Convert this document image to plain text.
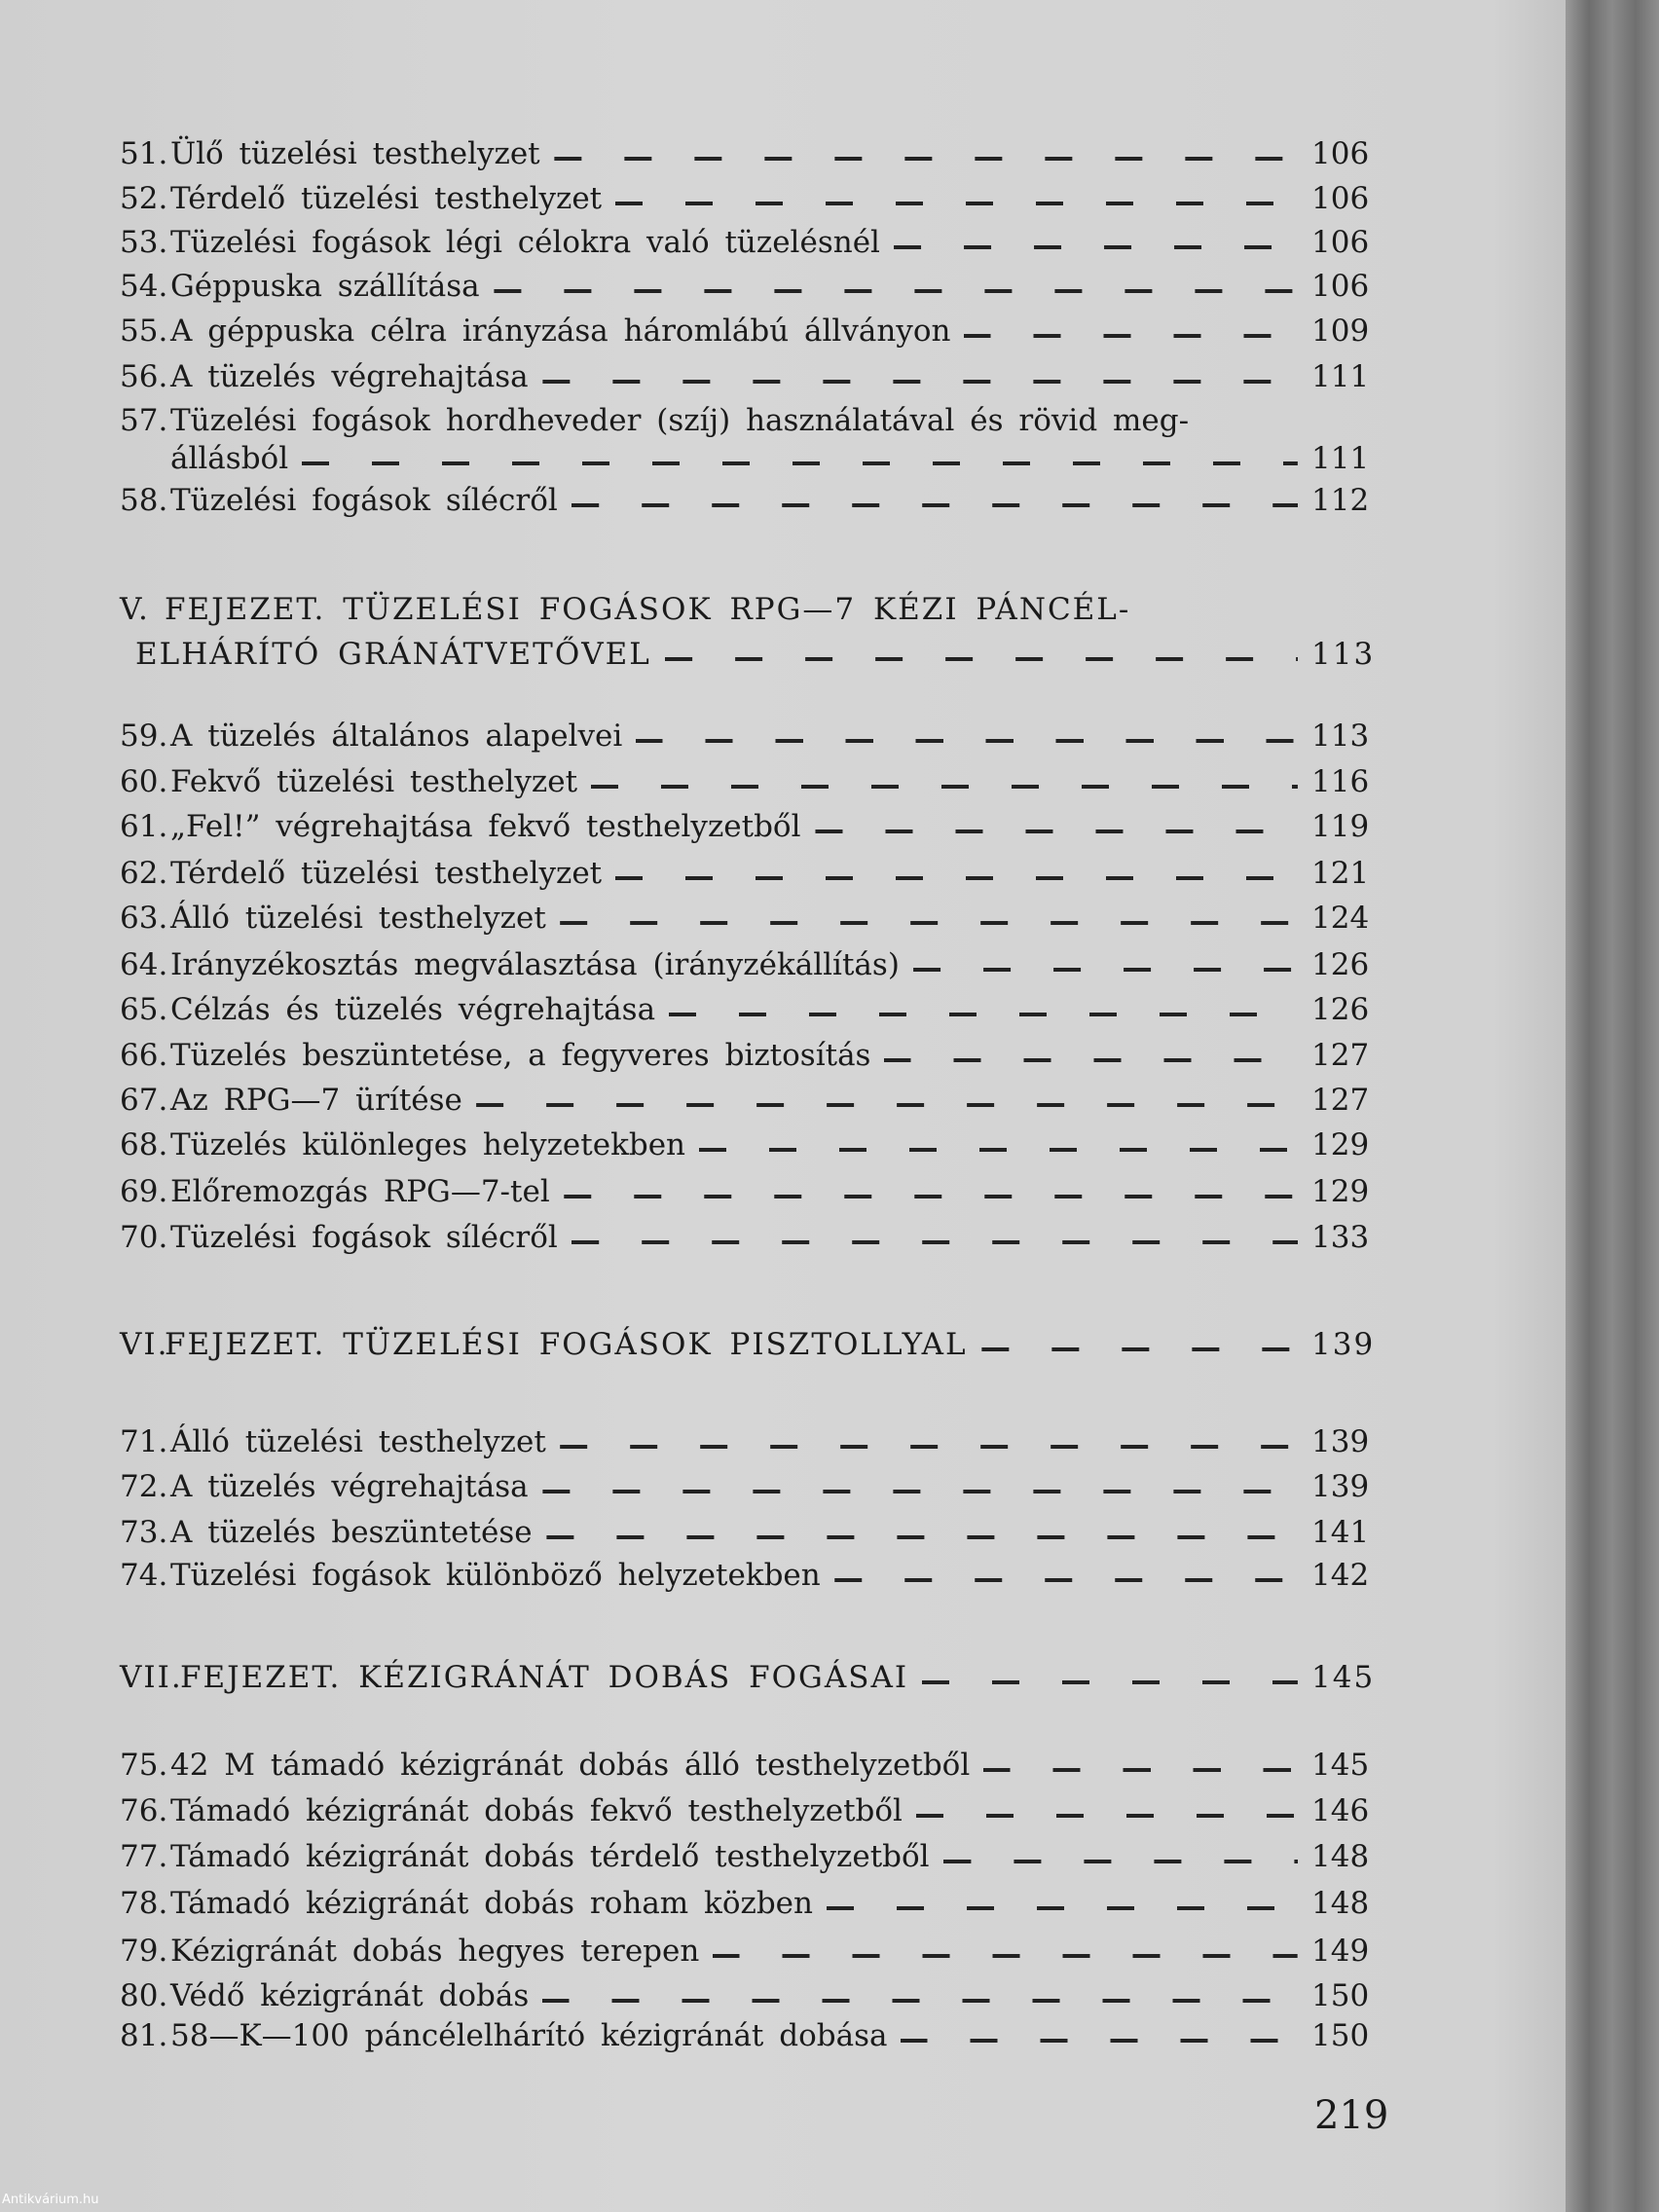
51. Ülő tüzelési testhelyzet	106
52. Térdelő tüzelési testhelyzet	106
53. Tüzelési fogások légi célokra való tüzelésnél	106
54. Géppuska szállítása	106
55. A géppuska célra irányzása háromlábú állványon	109
56. A tüzelés végrehajtása	111
57. Tüzelési fogások hordheveder (szíj) használatával és rövid meg-
állásból	111
58. Tüzelési fogások sílécről	112
V. FEJEZET. TÜZELÉSI FOGÁSOK RPG—7 KÉZI PÁNCÉL-
ELHÁRÍTÓ GRÁNÁTVETŐVEL	113
59. A tüzelés általános alapelvei	113
60. Fekvő tüzelési testhelyzet	116
61. „Fel!” végrehajtása fekvő testhelyzetből	119
62. Térdelő tüzelési testhelyzet	121
63. Álló tüzelési testhelyzet	124
64. Irányzékosztás megválasztása (irányzékállítás)	126
65. Célzás és tüzelés végrehajtása	126
66. Tüzelés beszüntetése, a fegyveres biztosítás	127
67. Az RPG—7 ürítése	127
68. Tüzelés különleges helyzetekben	129
69. Előremozgás RPG—7-tel	129
70. Tüzelési fogások sílécről	133
VI.
FEJEZET. TÜZELÉSI FOGÁSOK PISZTOLLYAL	139
71. Álló tüzelési testhelyzet	139
72. A tüzelés végrehajtása	139
73. A tüzelés beszüntetése	141
74. Tüzelési fogások különböző helyzetekben	142
VII.
FEJEZET. KÉZIGRÁNÁT DOBÁS FOGÁSAI	145
75. 42 M támadó kézigránát dobás álló testhelyzetből	145
76. Támadó kézigránát dobás fekvő testhelyzetből	146
77. Támadó kézigránát dobás térdelő testhelyzetből	148
78. Támadó kézigránát dobás roham közben	148
79. Kézigránát dobás hegyes terepen	149
80. Védő kézigránát dobás	150
81. 58—K—100 páncélelhárító kézigránát dobása	150
219
Antikvárium.hu
